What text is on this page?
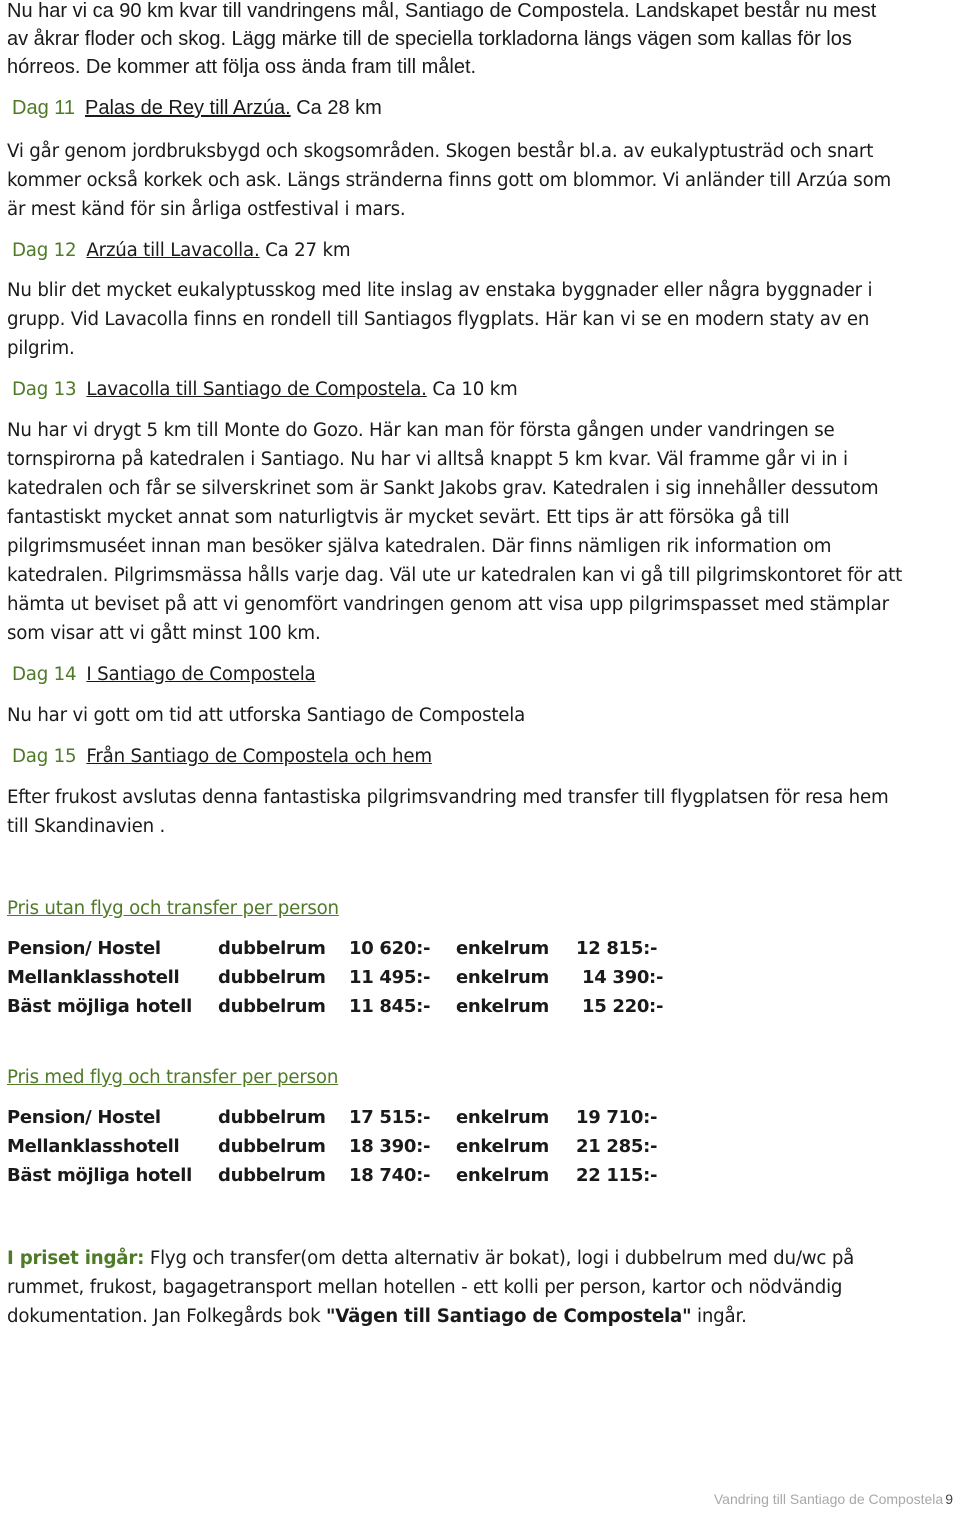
Nu har vi ca 90 km kvar till vandringens mål, Santiago de Compostela. Landskapet består nu mest
av åkrar floder och skog. Lägg märke till de speciella torkladorna längs vägen som kallas för los
hórreos. De kommer att följa oss ända fram till målet.
Dag 11 Palas de Rey till Arzúa. Ca 28 km
Vi går genom jordbruksbygd och skogsområden. Skogen består bl.a. av eukalyptusträd och snart
kommer också korkek och ask. Längs stränderna finns gott om blommor. Vi anländer till Arzúa som
är mest känd för sin årliga ostfestival i mars.
Dag 12 Arzúa till Lavacolla. Ca 27 km
Nu blir det mycket eukalyptusskog med lite inslag av enstaka byggnader eller några byggnader i
grupp. Vid Lavacolla finns en rondell till Santiagos flygplats. Här kan vi se en modern staty av en
pilgrim.
Dag 13 Lavacolla till Santiago de Compostela. Ca 10 km
Nu har vi drygt 5 km till Monte do Gozo. Här kan man för första gången under vandringen se
tornspirorna på katedralen i Santiago. Nu har vi alltså knappt 5 km kvar. Väl framme går vi in i
katedralen och får se silverskrinet som är Sankt Jakobs grav. Katedralen i sig innehåller dessutom
fantastiskt mycket annat som naturligtvis är mycket sevärt. Ett tips är att försöka gå till
pilgrimsmuséet innan man besöker själva katedralen. Där finns nämligen rik information om
katedralen. Pilgrimsmässa hålls varje dag. Väl ute ur katedralen kan vi gå till pilgrimskontoret för att
hämta ut beviset på att vi genomfört vandringen genom att visa upp pilgrimspasset med stämplar
som visar att vi gått minst 100 km.
Dag 14 I Santiago de Compostela
Nu har vi gott om tid att utforska Santiago de Compostela
Dag 15 Från Santiago de Compostela och hem
Efter frukost avslutas denna fantastiska pilgrimsvandring med transfer till flygplatsen för resa hem
till Skandinavien .
Pris utan flyg och transfer per person
Pension/ Hostel	dubbelrum	10 620:-	enkelrum	12 815:-
Mellanklasshotell	dubbelrum	11 495:-	enkelrum	14 390:-
Bäst möjliga hotell	dubbelrum	11 845:-	enkelrum	15 220:-
Pris med flyg och transfer per person
Pension/ Hostel	dubbelrum	17 515:-	enkelrum	19 710:-
Mellanklasshotell	dubbelrum	18 390:-	enkelrum	21 285:-
Bäst möjliga hotell	dubbelrum	18 740:-	enkelrum	22 115:-
I priset ingår: Flyg och transfer(om detta alternativ är bokat), logi i dubbelrum med du/wc på
rummet, frukost, bagagetransport mellan hotellen - ett kolli per person, kartor och nödvändig
dokumentation. Jan Folkegårds bok "Vägen till Santiago de Compostela" ingår.
Vandring till Santiago de Compostela 9
